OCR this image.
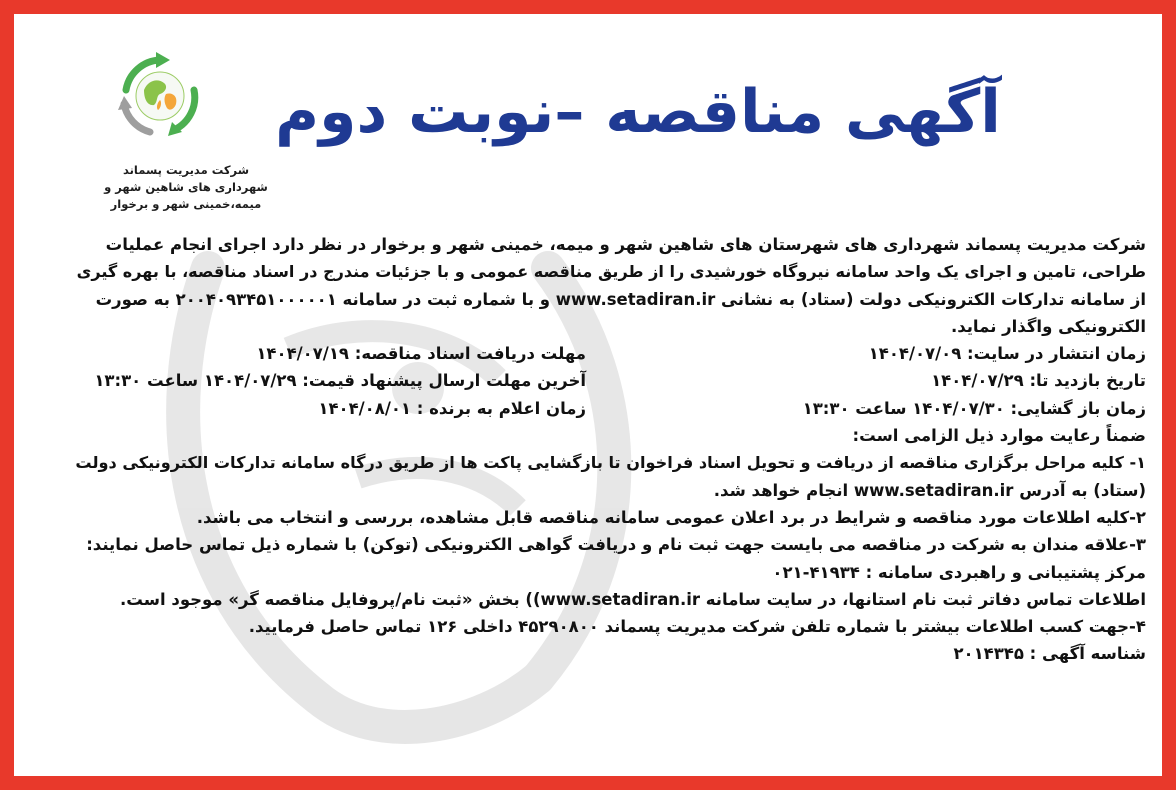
شرکت مدیریت پسماند
شهرداری های شاهین شهر و
میمه،خمینی شهر و برخوار
آگهی مناقصه –نوبت دوم
شرکت مدیریت پسماند شهرداری های شهرستان های شاهین شهر و میمه، خمینی شهر و برخوار در نظر دارد اجرای انجام عملیات
طراحی، تامین و اجرای یک واحد سامانه نیروگاه خورشیدی را از طریق مناقصه عمومی و با جزئیات مندرج در اسناد مناقصه، با بهره گیری
از سامانه تدارکات الکترونیکی دولت (ستاد) به نشانی www.setadiran.ir و با شماره ثبت در سامانه ۲۰۰۴۰۹۳۴۵۱۰۰۰۰۰۱ به صورت
الکترونیکی واگذار نماید.
زمان انتشار در سایت: ۱۴۰۴/۰۷/۰۹
مهلت دریافت اسناد مناقصه: ۱۴۰۴/۰۷/۱۹
تاریخ بازدید تا: ۱۴۰۴/۰۷/۲۹
آخرین مهلت ارسال پیشنهاد قیمت: ۱۴۰۴/۰۷/۲۹ ساعت ۱۳:۳۰
زمان باز گشایی: ۱۴۰۴/۰۷/۳۰ ساعت ۱۳:۳۰
زمان اعلام به برنده : ۱۴۰۴/۰۸/۰۱
ضمناً رعایت موارد ذیل الزامی است:
۱- کلیه مراحل برگزاری مناقصه از دریافت و تحویل اسناد فراخوان تا بازگشایی پاکت ها از طریق درگاه سامانه تدارکات الکترونیکی دولت
(ستاد) به آدرس www.setadiran.ir انجام خواهد شد.
۲-کلیه اطلاعات مورد مناقصه و شرایط در برد اعلان عمومی سامانه مناقصه قابل مشاهده، بررسی و انتخاب می باشد.
۳-علاقه مندان به شرکت در مناقصه می بایست جهت ثبت نام و دریافت گواهی الکترونیکی (توکن) با شماره ذیل تماس حاصل نمایند:
مرکز پشتیبانی و راهبردی سامانه : ۴۱۹۳۴-۰۲۱
اطلاعات تماس دفاتر ثبت نام استانها، در سایت سامانه www.setadiran.ir)) بخش «ثبت نام/پروفایل مناقصه گر» موجود است.
۴-جهت کسب اطلاعات بیشتر با شماره تلفن شرکت مدیریت پسماند ۴۵۲۹۰۸۰۰ داخلی ۱۲۶ تماس حاصل فرمایید.
شناسه آگهی : ۲۰۱۴۳۴۵
